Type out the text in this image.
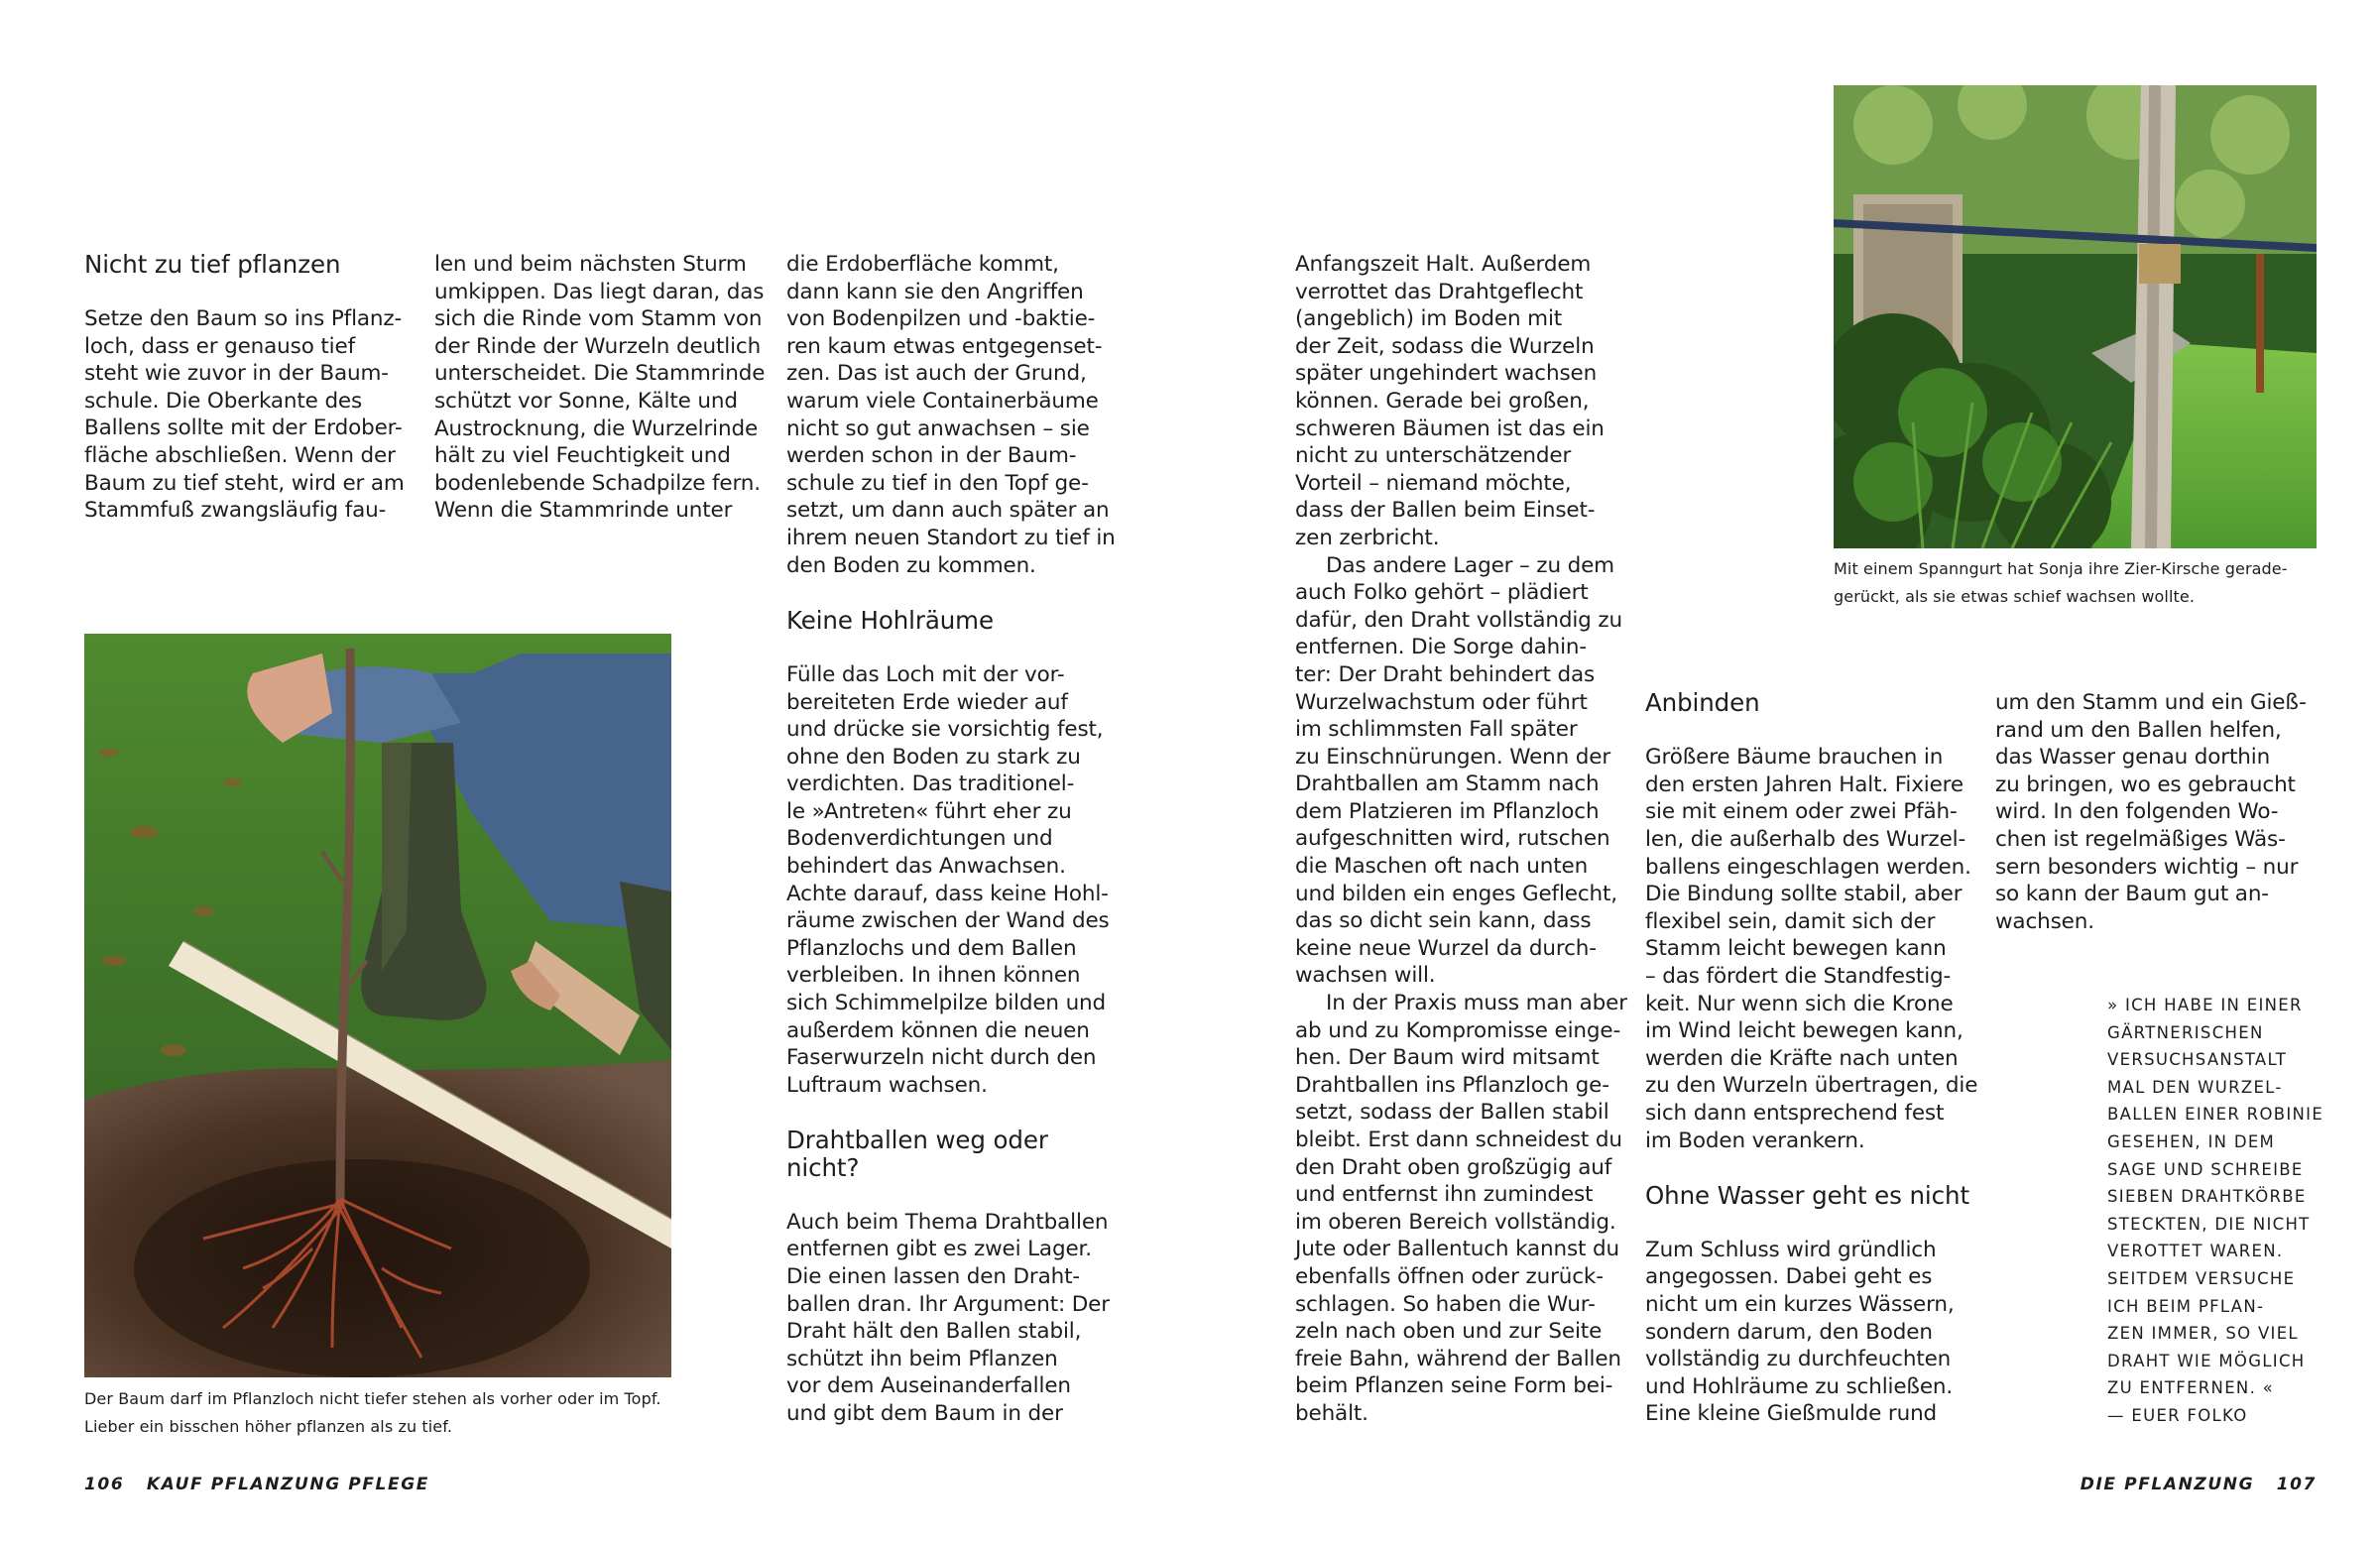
Nicht zu tief pflanzen
Setze den Baum so ins Pflanz-
loch, dass er genauso tief
steht wie zuvor in der Baum-
schule. Die Oberkante des
Ballens sollte mit der Erdober-
fläche abschließen. Wenn der
Baum zu tief steht, wird er am
Stammfuß zwangsläufig fau-
len und beim nächsten Sturm
umkippen. Das liegt daran, das
sich die Rinde vom Stamm von
der Rinde der Wurzeln deutlich
unterscheidet. Die Stammrinde
schützt vor Sonne, Kälte und
Austrocknung, die Wurzelrinde
hält zu viel Feuchtigkeit und
bodenlebende Schadpilze fern.
Wenn die Stammrinde unter
die Erdoberfläche kommt,
dann kann sie den Angriffen
von Bodenpilzen und -baktie-
ren kaum etwas entgegenset-
zen. Das ist auch der Grund,
warum viele Containerbäume
nicht so gut anwachsen – sie
werden schon in der Baum-
schule zu tief in den Topf ge-
setzt, um dann auch später an
ihrem neuen Standort zu tief in
den Boden zu kommen.
Keine Hohlräume
Fülle das Loch mit der vor-
bereiteten Erde wieder auf
und drücke sie vorsichtig fest,
ohne den Boden zu stark zu
verdichten. Das traditionel-
le »Antreten« führt eher zu
Bodenverdichtungen und
behindert das Anwachsen.
Achte darauf, dass keine Hohl-
räume zwischen der Wand des
Pflanzlochs und dem Ballen
verbleiben. In ihnen können
sich Schimmelpilze bilden und
außerdem können die neuen
Faserwurzeln nicht durch den
Luftraum wachsen.
Drahtballen weg oder
nicht?
Auch beim Thema Drahtballen
entfernen gibt es zwei Lager.
Die einen lassen den Draht-
ballen dran. Ihr Argument: Der
Draht hält den Ballen stabil,
schützt ihn beim Pflanzen
vor dem Auseinanderfallen
und gibt dem Baum in der
Der Baum darf im Pflanzloch nicht tiefer stehen als vorher oder im Topf.
Lieber ein bisschen höher pflanzen als zu tief.
Anfangszeit Halt. Außerdem
verrottet das Drahtgeflecht
(angeblich) im Boden mit
der Zeit, sodass die Wurzeln
später ungehindert wachsen
können. Gerade bei großen,
schweren Bäumen ist das ein
nicht zu unterschätzender
Vorteil – niemand möchte,
dass der Ballen beim Einset-
zen zerbricht.
Das andere Lager – zu dem
auch Folko gehört – plädiert
dafür, den Draht vollständig zu
entfernen. Die Sorge dahin-
ter: Der Draht behindert das
Wurzelwachstum oder führt
im schlimmsten Fall später
zu Einschnürungen. Wenn der
Drahtballen am Stamm nach
dem Platzieren im Pflanzloch
aufgeschnitten wird, rutschen
die Maschen oft nach unten
und bilden ein enges Geflecht,
das so dicht sein kann, dass
keine neue Wurzel da durch-
wachsen will.
In der Praxis muss man aber
ab und zu Kompromisse einge-
hen. Der Baum wird mitsamt
Drahtballen ins Pflanzloch ge-
setzt, sodass der Ballen stabil
bleibt. Erst dann schneidest du
den Draht oben großzügig auf
und entfernst ihn zumindest
im oberen Bereich vollständig.
Jute oder Ballentuch kannst du
ebenfalls öffnen oder zurück-
schlagen. So haben die Wur-
zeln nach oben und zur Seite
freie Bahn, während der Ballen
beim Pflanzen seine Form bei-
behält.
Mit einem Spanngurt hat Sonja ihre Zier-Kirsche gerade-
gerückt, als sie etwas schief wachsen wollte.
Anbinden
Größere Bäume brauchen in
den ersten Jahren Halt. Fixiere
sie mit einem oder zwei Pfäh-
len, die außerhalb des Wurzel-
ballens eingeschlagen werden.
Die Bindung sollte stabil, aber
flexibel sein, damit sich der
Stamm leicht bewegen kann
– das fördert die Standfestig-
keit. Nur wenn sich die Krone
im Wind leicht bewegen kann,
werden die Kräfte nach unten
zu den Wurzeln übertragen, die
sich dann entsprechend fest
im Boden verankern.
Ohne Wasser geht es nicht
Zum Schluss wird gründlich
angegossen. Dabei geht es
nicht um ein kurzes Wässern,
sondern darum, den Boden
vollständig zu durchfeuchten
und Hohlräume zu schließen.
Eine kleine Gießmulde rund
um den Stamm und ein Gieß-
rand um den Ballen helfen,
das Wasser genau dorthin
zu bringen, wo es gebraucht
wird. In den folgenden Wo-
chen ist regelmäßiges Wäs-
sern besonders wichtig – nur
so kann der Baum gut an-
wachsen.
» ICH HABE IN EINER
GÄRTNERISCHEN
VERSUCHSANSTALT
MAL DEN WURZEL-
BALLEN EINER ROBINIE
GESEHEN, IN DEM
SAGE UND SCHREIBE
SIEBEN DRAHTKÖRBE
STECKTEN, DIE NICHT
VEROTTET WAREN.
SEITDEM VERSUCHE
ICH BEIM PFLAN-
ZEN IMMER, SO VIEL
DRAHT WIE MÖGLICH
ZU ENTFERNEN. «
— EUER FOLKO
106 KAUF PFLANZUNG PFLEGE	DIE PFLANZUNG 107
